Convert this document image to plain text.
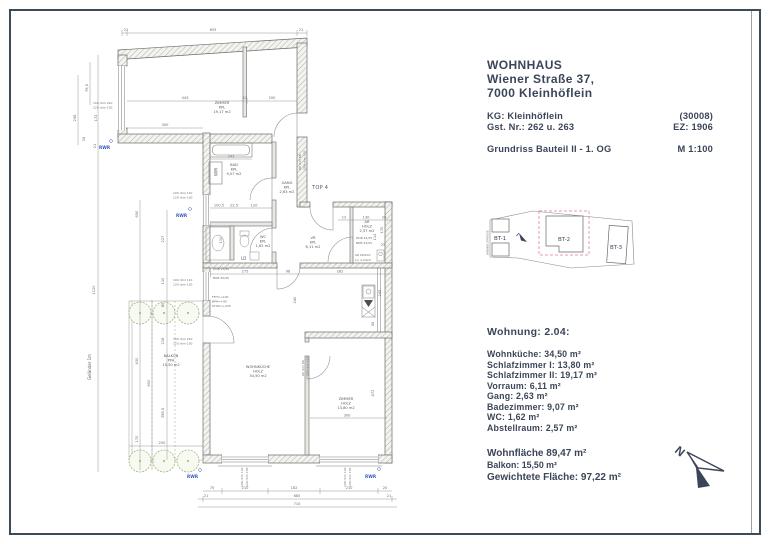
21	655	21
70	210	182	210	20
21	685	21
710
1120
650
227
110
80
218
430
600
358,5
170
250
76,5
298	172
16
21
443	12	200
300
242
100,5 22,5	120
110
12	130	26
170
112
25
275	98	282
300
472
240
245
45
ZIMMER
KPL
19,17 m2
BAD
KPL
9,07 m2
WC
KPL
1,62 m2
GANG
KPL
2,63 m2
VR
KPL
6,11 m2
AR
HOLZ
2,57 m2
WOHNKÜCHE
HOLZ
34,50 m2
ZIMMER
HOLZ
13,80 m2
BALKON
PFA
15,50 m2
TOP 4
LÜ
WM
Geländer 1m
FFH=+100
BPH=+95
STOK=+225
DOB 25/40
BOB 25/20
DDB 42/25
BDB 43/25
AR DN100
Lü. ü.Dach
100 rbm 210
120 rbm 130
100 rbm 110
120 rbm 130
100 rbm 110
120 rbm 130
100 rbm 210
120 rbm 130
100 rbm 110 120 rbm 130	100 rbm 110 120 rbm 130
80 rbm 88 200 rbm 203
80 rbm 88 200 rbm 203
RWR
RWR
RWR	RWR
WIENER STRASSE BT-1	BT-2
BT-3
N
WOHNHAUS
Wiener Straße 37,
7000 Kleinhöflein
(30008)
KG: Kleinhöflein
EZ: 1906
Gst. Nr.: 262 u. 263
M 1:100
Grundriss Bauteil II - 1. OG
Wohnung: 2.04:
Wohnküche: 34,50 m²
Schlafzimmer I: 13,80 m²
Schlafzimmer II: 19,17 m²
Vorraum: 6,11 m²
Gang: 2,63 m²
Badezimmer: 9,07 m²
WC: 1,62 m²
Abstellraum: 2,57 m²
Wohnfläche 89,47 m²
Balkon: 15,50 m²
Gewichtete Fläche: 97,22 m²
